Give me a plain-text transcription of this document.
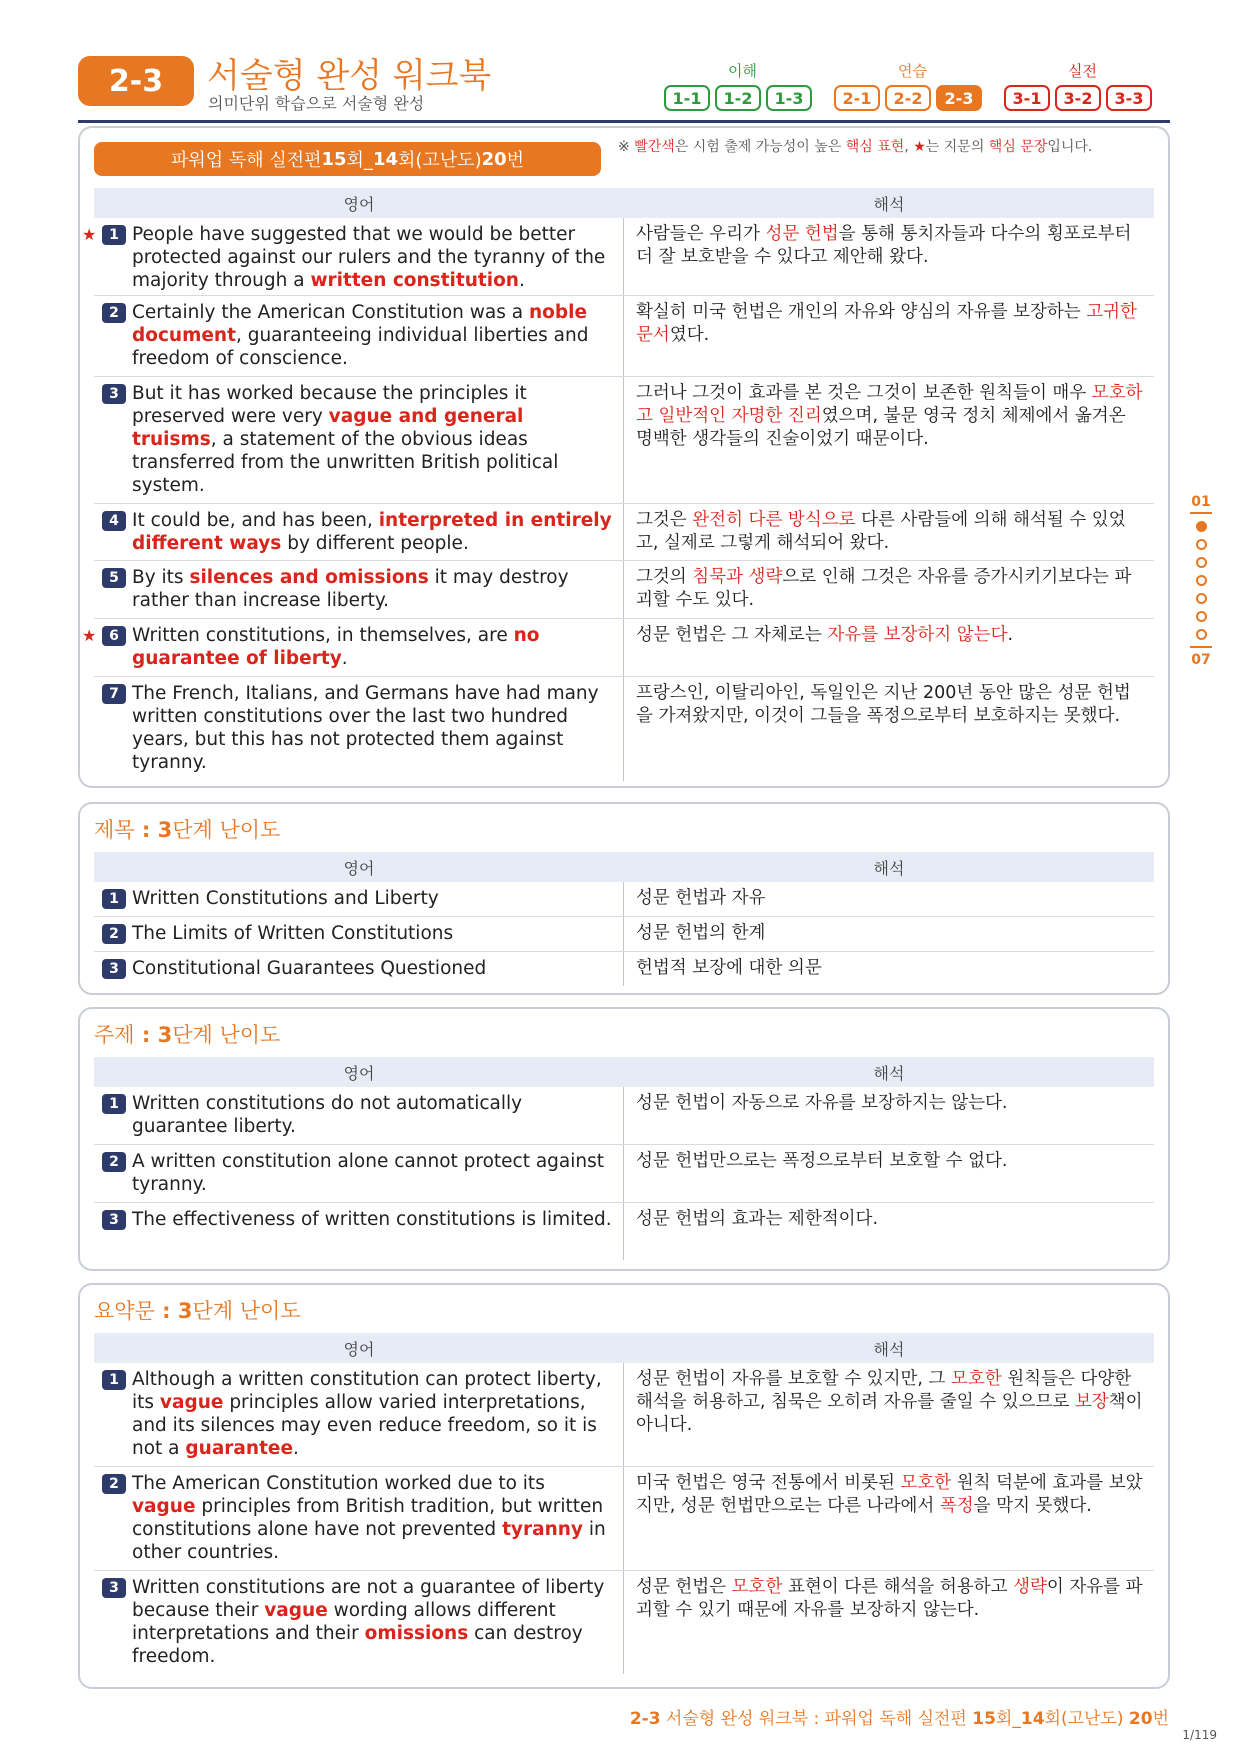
2-3	서술형 완성 워크북
의미단위 학습으로 서술형 완성
이해	연습	실전
1-1	1-2	1-3	2-1	2-2	2-3	3-1	3-2	3-3
파워업 독해 실전편 15 회_ 14 회(고난도) 20 번
※ 빨간색은 시험 출제 가능성이 높은 핵심 표현, ★는 지문의 핵심 문장입니다.
영어	해석
★ 1 People have suggested that we would be better protected against our rulers and the tyranny of the majority through a written constitution.
사람들은 우리가 성문 헌법을 통해 통치자들과 다수의 횡포로부터 더 잘 보호받을 수 있다고 제안해 왔다.
2 Certainly the American Constitution was a noble document, guaranteeing individual liberties and freedom of conscience.
확실히 미국 헌법은 개인의 자유와 양심의 자유를 보장하는 고귀한 문서였다.
3 But it has worked because the principles it preserved were very vague and general truisms, a statement of the obvious ideas transferred from the unwritten British political system.
그러나 그것이 효과를 본 것은 그것이 보존한 원칙들이 매우 모호하고 일반적인 자명한 진리였으며, 불문 영국 정치 체제에서 옮겨온 명백한 생각들의 진술이었기 때문이다.
4 It could be, and has been, interpreted in entirely different ways by different people.
그것은 완전히 다른 방식으로 다른 사람들에 의해 해석될 수 있었고, 실제로 그렇게 해석되어 왔다.
5 By its silences and omissions it may destroy rather than increase liberty.
그것의 침묵과 생략으로 인해 그것은 자유를 증가시키기보다는 파괴할 수도 있다.
★ 6 Written constitutions, in themselves, are no guarantee of liberty.
성문 헌법은 그 자체로는 자유를 보장하지 않는다.
7 The French, Italians, and Germans have had many written constitutions over the last two hundred years, but this has not protected them against tyranny.
프랑스인, 이탈리아인, 독일인은 지난 200년 동안 많은 성문 헌법을 가져왔지만, 이것이 그들을 폭정으로부터 보호하지는 못했다.
01
07
제목 : 3단계 난이도
영어	해석
1 Written Constitutions and Liberty	성문 헌법과 자유
2 The Limits of Written Constitutions	성문 헌법의 한계
3 Constitutional Guarantees Questioned	헌법적 보장에 대한 의문
주제 : 3단계 난이도
영어	해석
1 Written constitutions do not automatically guarantee liberty.
성문 헌법이 자동으로 자유를 보장하지는 않는다.
2 A written constitution alone cannot protect against tyranny.
성문 헌법만으로는 폭정으로부터 보호할 수 없다.
3 The effectiveness of written constitutions is limited.	성문 헌법의 효과는 제한적이다.
요약문 : 3단계 난이도
영어	해석
1 Although a written constitution can protect liberty, its vague principles allow varied interpretations, and its silences may even reduce freedom, so it is not a guarantee.
성문 헌법이 자유를 보호할 수 있지만, 그 모호한 원칙들은 다양한 해석을 허용하고, 침묵은 오히려 자유를 줄일 수 있으므로 보장책이 아니다.
2 The American Constitution worked due to its vague principles from British tradition, but written constitutions alone have not prevented tyranny in other countries.
미국 헌법은 영국 전통에서 비롯된 모호한 원칙 덕분에 효과를 보았지만, 성문 헌법만으로는 다른 나라에서 폭정을 막지 못했다.
3 Written constitutions are not a guarantee of liberty because their vague wording allows different interpretations and their omissions can destroy freedom.
성문 헌법은 모호한 표현이 다른 해석을 허용하고 생략이 자유를 파괴할 수 있기 때문에 자유를 보장하지 않는다.
2-3 서술형 완성 워크북 : 파워업 독해 실전편 15회_14회(고난도) 20번
1/119
